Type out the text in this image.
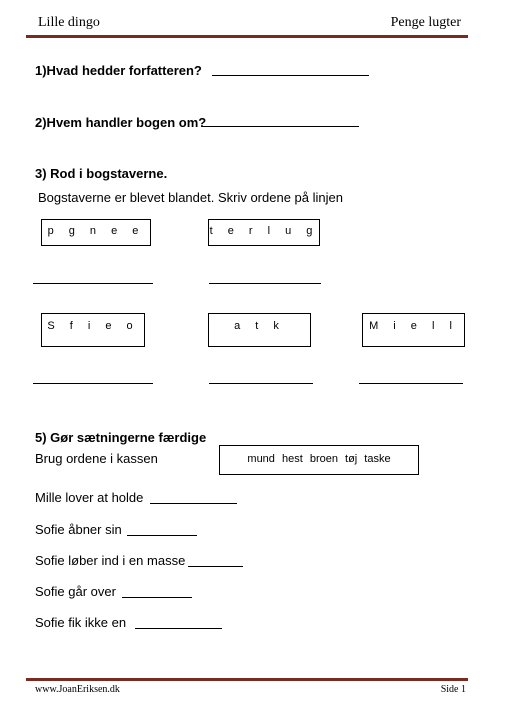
Lille dingo	Penge lugter
1)Hvad hedder forfatteren?
2)Hvem handler bogen om?
3) Rod i bogstaverne.
Bogstaverne er blevet blandet. Skriv ordene på linjen
p g n e e	t e r l u g
S f i e o	a t k	M i e l l
5) Gør sætningerne færdige
Brug ordene i kassen	mund hest broen tøj taske
Mille lover at holde
Sofie åbner sin
Sofie løber ind i en masse
Sofie går over
Sofie fik ikke en
www.JoanEriksen.dk	Side 1
